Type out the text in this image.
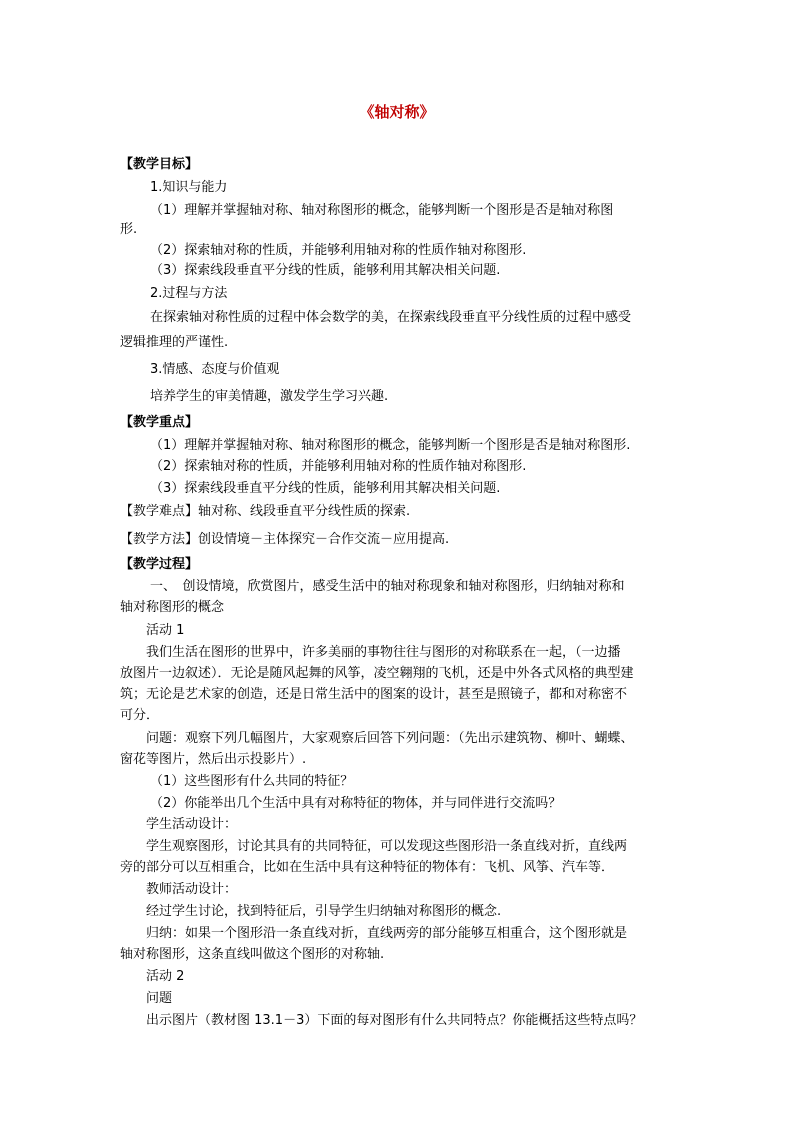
《轴对称》
【教学目标】
1.知识与能力
（1）理解并掌握轴对称、轴对称图形的概念，能够判断一个图形是否是轴对称图
形.
（2）探索轴对称的性质，并能够利用轴对称的性质作轴对称图形.
（3）探索线段垂直平分线的性质，能够利用其解决相关问题.
2.过程与方法
在探索轴对称性质的过程中体会数学的美，在探索线段垂直平分线性质的过程中感受
逻辑推理的严谨性.
3.情感、态度与价值观
培养学生的审美情趣，激发学生学习兴趣.
【教学重点】
（1）理解并掌握轴对称、轴对称图形的概念，能够判断一个图形是否是轴对称图形.
（2）探索轴对称的性质，并能够利用轴对称的性质作轴对称图形.
（3）探索线段垂直平分线的性质，能够利用其解决相关问题.
【教学难点】轴对称、线段垂直平分线性质的探索.
【教学方法】创设情境－主体探究－合作交流－应用提高.
【教学过程】
一、　创设情境，欣赏图片，感受生活中的轴对称现象和轴对称图形，归纳轴对称和
轴对称图形的概念
活动 1
我们生活在图形的世界中，许多美丽的事物往往与图形的对称联系在一起，（一边播
放图片一边叙述）．无论是随风起舞的风筝，凌空翱翔的飞机，还是中外各式风格的典型建
筑；无论是艺术家的创造，还是日常生活中的图案的设计，甚至是照镜子，都和对称密不
可分．
问题：观察下列几幅图片，大家观察后回答下列问题：（先出示建筑物、柳叶、蝴蝶、
窗花等图片，然后出示投影片）.
（1）这些图形有什么共同的特征？
（2）你能举出几个生活中具有对称特征的物体，并与同伴进行交流吗？
学生活动设计：
学生观察图形，讨论其具有的共同特征，可以发现这些图形沿一条直线对折，直线两
旁的部分可以互相重合，比如在生活中具有这种特征的物体有：飞机、风筝、汽车等．
教师活动设计：
经过学生讨论，找到特征后，引导学生归纳轴对称图形的概念.
归纳：如果一个图形沿一条直线对折，直线两旁的部分能够互相重合，这个图形就是
轴对称图形，这条直线叫做这个图形的对称轴.
活动 2
问题
出示图片（教材图 13.1－3）下面的每对图形有什么共同特点？你能概括这些特点吗？
